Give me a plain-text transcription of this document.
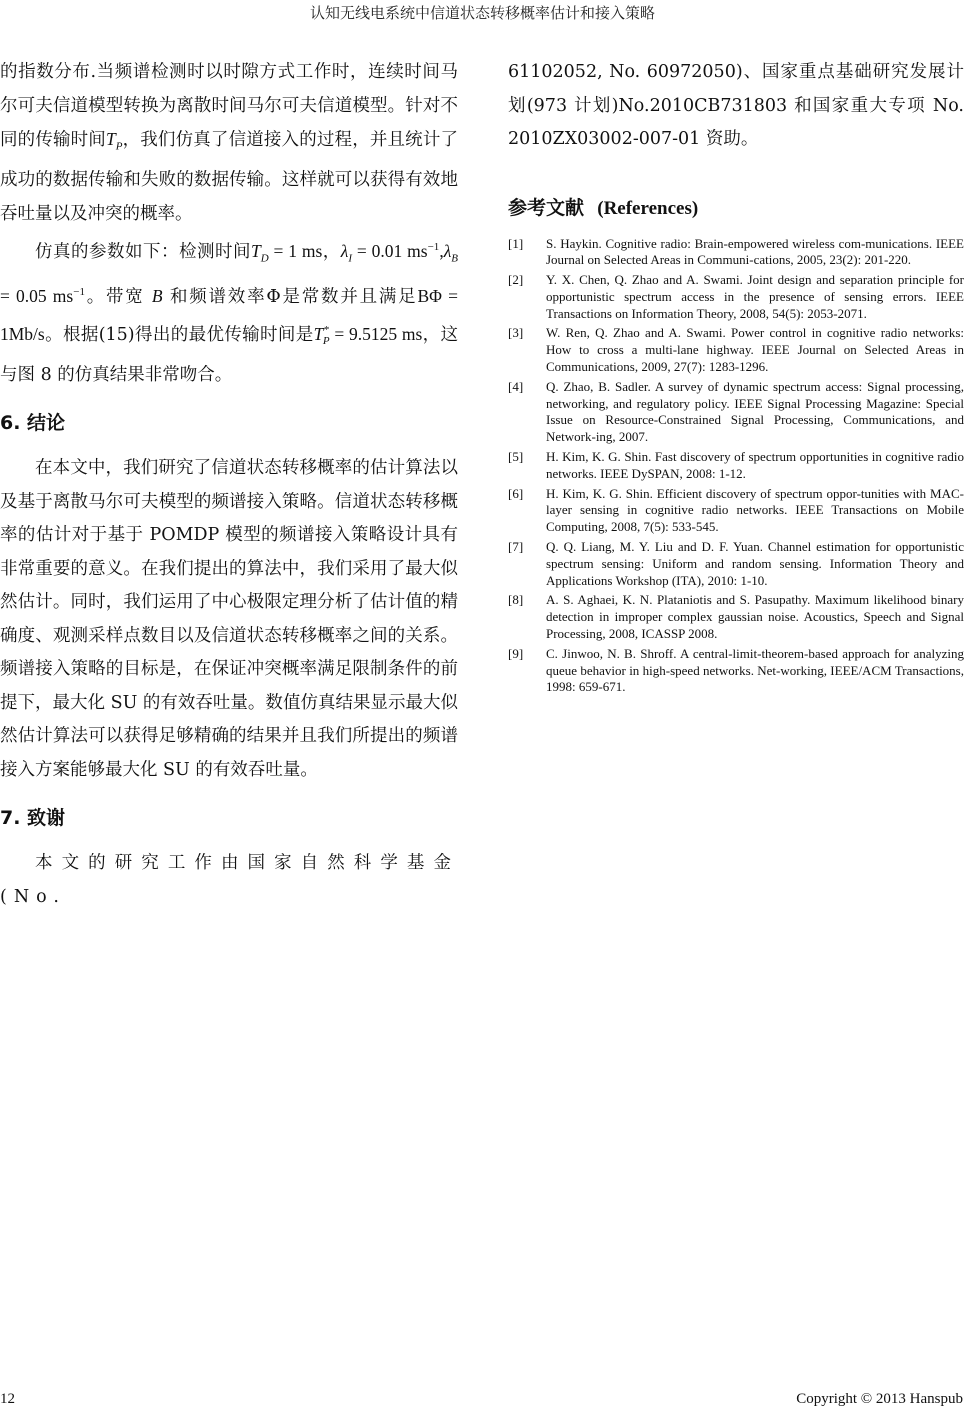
认知无线电系统中信道状态转移概率估计和接入策略

的指数分布.当频谱检测时以时隙方式工作时，连续时间马尔可夫信道模型转换为离散时间马尔可夫信道模型。针对不同的传输时间$T_P$，我们仿真了信道接入的过程，并且统计了成功的数据传输和失败的数据传输。这样就可以获得有效地吞吐量以及冲突的概率。

仿真的参数如下：检测时间$T_D = 1$ ms，$\lambda_I = 0.01$ $ms^{-1},\lambda_B = 0.05$ $ms^{-1}$。带宽 B 和频谱效率Φ是常数并且满足BΦ = 1Mb/s。根据(15)得出的最优传输时间是$T^*_P = 9.5125$ ms，这与图 8 的仿真结果非常吻合。

6. 结论

在本文中，我们研究了信道状态转移概率的估计算法以及基于离散马尔可夫模型的频谱接入策略。信道状态转移概率的估计对于基于 POMDP 模型的频谱接入策略设计具有非常重要的意义。在我们提出的算法中，我们采用了最大似然估计。同时，我们运用了中心极限定理分析了估计值的精确度、观测采样点数目以及信道状态转移概率之间的关系。频谱接入策略的目标是，在保证冲突概率满足限制条件的前提下，最大化 SU 的有效吞吐量。数值仿真结果显示最大似然估计算法可以获得足够精确的结果并且我们所提出的频谱接入方案能够最大化 SU 的有效吞吐量。

7. 致谢

本文的研究工作由国家自然科学基金(No.

61102052, No. 60972050)、国家重点基础研究发展计划(973 计划)No.2010CB731803 和国家重大专项 No. 2010ZX03002-007-01 资助。

参考文献 (References)
[1]	S. Haykin. Cognitive radio: Brain-empowered wireless com-munications. IEEE Journal on Selected Areas in Communi-cations, 2005, 23(2): 201-220.
[2]	Y. X. Chen, Q. Zhao and A. Swami. Joint design and separation principle for opportunistic spectrum access in the presence of sensing errors. IEEE Transactions on Information Theory, 2008, 54(5): 2053-2071.
[3]	W. Ren, Q. Zhao and A. Swami. Power control in cognitive radio networks: How to cross a multi-lane highway. IEEE Journal on Selected Areas in Communications, 2009, 27(7): 1283-1296.
[4]	Q. Zhao, B. Sadler. A survey of dynamic spectrum access: Signal processing, networking, and regulatory policy. IEEE Signal Processing Magazine: Special Issue on Resource-Constrained Signal Processing, Communications, and Network-ing, 2007.
[5]	H. Kim, K. G. Shin. Fast discovery of spectrum opportunities in cognitive radio networks. IEEE DySPAN, 2008: 1-12.
[6]	H. Kim, K. G. Shin. Efficient discovery of spectrum oppor-tunities with MAC-layer sensing in cognitive radio networks. IEEE Transactions on Mobile Computing, 2008, 7(5): 533-545.
[7]	Q. Q. Liang, M. Y. Liu and D. F. Yuan. Channel estimation for opportunistic spectrum sensing: Uniform and random sensing. Information Theory and Applications Workshop (ITA), 2010: 1-10.
[8]	A. S. Aghaei, K. N. Plataniotis and S. Pasupathy. Maximum likelihood binary detection in improper complex gaussian noise. Acoustics, Speech and Signal Processing, 2008, ICASSP 2008.
[9]	C. Jinwoo, N. B. Shroff. A central-limit-theorem-based approach for analyzing queue behavior in high-speed networks. Net-working, IEEE/ACM Transactions, 1998: 659-671.
12	Copyright © 2013 Hanspub
